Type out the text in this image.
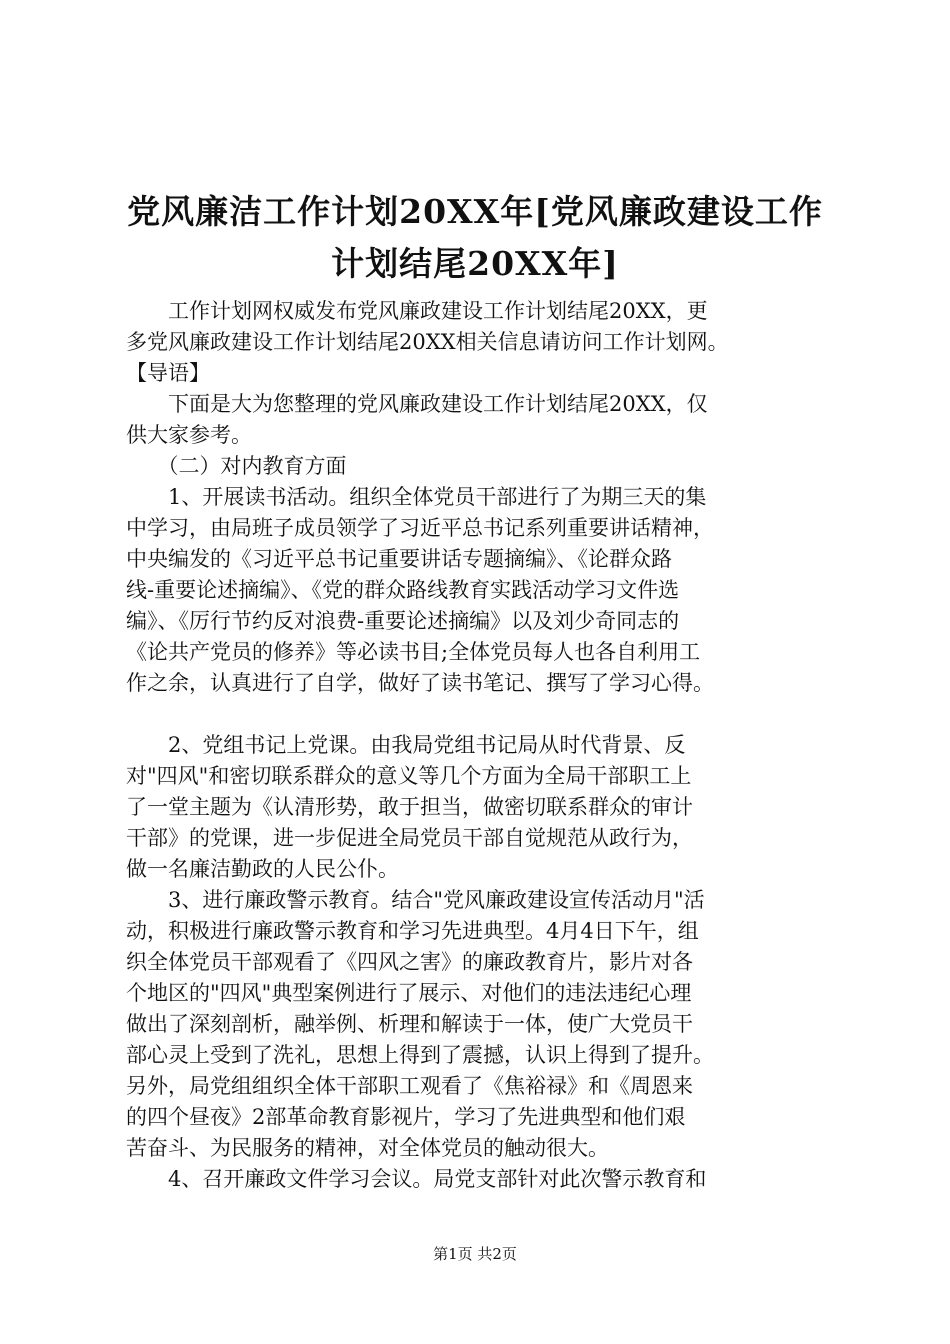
党风廉洁工作计划20XX年[党风廉政建设工作
计划结尾20XX年]
　　工作计划网权威发布党风廉政建设工作计划结尾20XX，更
多党风廉政建设工作计划结尾20XX相关信息请访问工作计划网。
【导语】
　　下面是大为您整理的党风廉政建设工作计划结尾20XX，仅
供大家参考。
　　（二）对内教育方面
　　1、开展读书活动。组织全体党员干部进行了为期三天的集
中学习，由局班子成员领学了习近平总书记系列重要讲话精神，
中央编发的《习近平总书记重要讲话专题摘编》、《论群众路
线-重要论述摘编》、《党的群众路线教育实践活动学习文件选
编》、《厉行节约反对浪费-重要论述摘编》以及刘少奇同志的
《论共产党员的修养》等必读书目;全体党员每人也各自利用工
作之余，认真进行了自学，做好了读书笔记、撰写了学习心得。
　　2、党组书记上党课。由我局党组书记局从时代背景、反
对"四风"和密切联系群众的意义等几个方面为全局干部职工上
了一堂主题为《认清形势，敢于担当，做密切联系群众的审计
干部》的党课，进一步促进全局党员干部自觉规范从政行为，
做一名廉洁勤政的人民公仆。
　　3、进行廉政警示教育。结合"党风廉政建设宣传活动月"活
动，积极进行廉政警示教育和学习先进典型。4月4日下午，组
织全体党员干部观看了《四风之害》的廉政教育片，影片对各
个地区的"四风"典型案例进行了展示、对他们的违法违纪心理
做出了深刻剖析，融举例、析理和解读于一体，使广大党员干
部心灵上受到了洗礼，思想上得到了震撼，认识上得到了提升。
另外，局党组组织全体干部职工观看了《焦裕禄》和《周恩来
的四个昼夜》2部革命教育影视片，学习了先进典型和他们艰
苦奋斗、为民服务的精神，对全体党员的触动很大。
　　4、召开廉政文件学习会议。局党支部针对此次警示教育和
第1页 共2页
